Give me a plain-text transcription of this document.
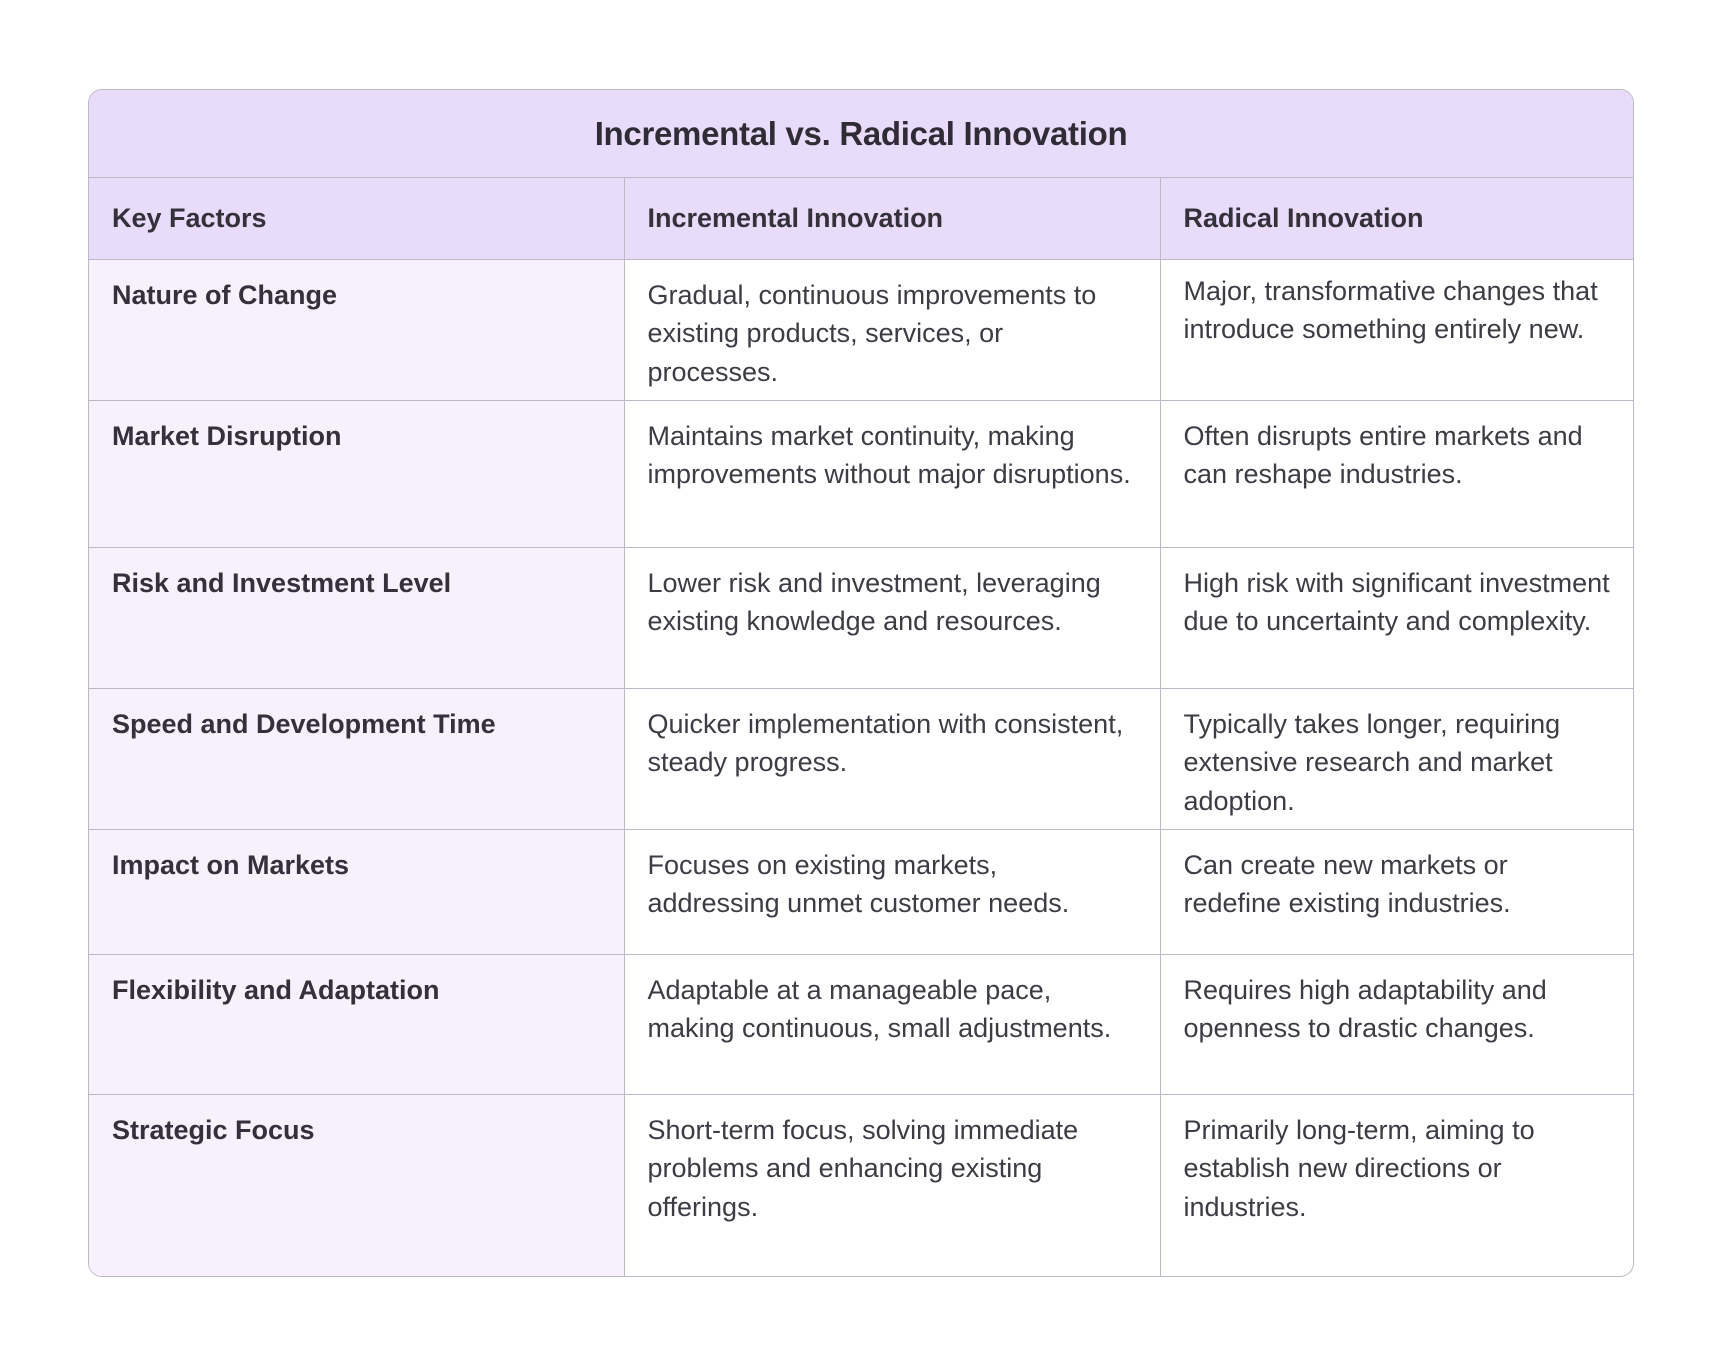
Incremental vs. Radical Innovation
Key Factors	Incremental Innovation	Radical Innovation
Nature of Change	Gradual, continuous improvements to existing products, services, or processes.	Major, transformative changes that introduce something entirely new.
Market Disruption	Maintains market continuity, making improvements without major disruptions.	Often disrupts entire markets and can reshape industries.
Risk and Investment Level	Lower risk and investment, leveraging existing knowledge and resources.	High risk with significant investment due to uncertainty and complexity.
Speed and Development Time	Quicker implementation with consistent, steady progress.	Typically takes longer, requiring extensive research and market adoption.
Impact on Markets	Focuses on existing markets, addressing unmet customer needs.	Can create new markets or redefine existing industries.
Flexibility and Adaptation	Adaptable at a manageable pace, making continuous, small adjustments.	Requires high adaptability and openness to drastic changes.
Strategic Focus	Short-term focus, solving immediate problems and enhancing existing offerings.	Primarily long-term, aiming to establish new directions or industries.
